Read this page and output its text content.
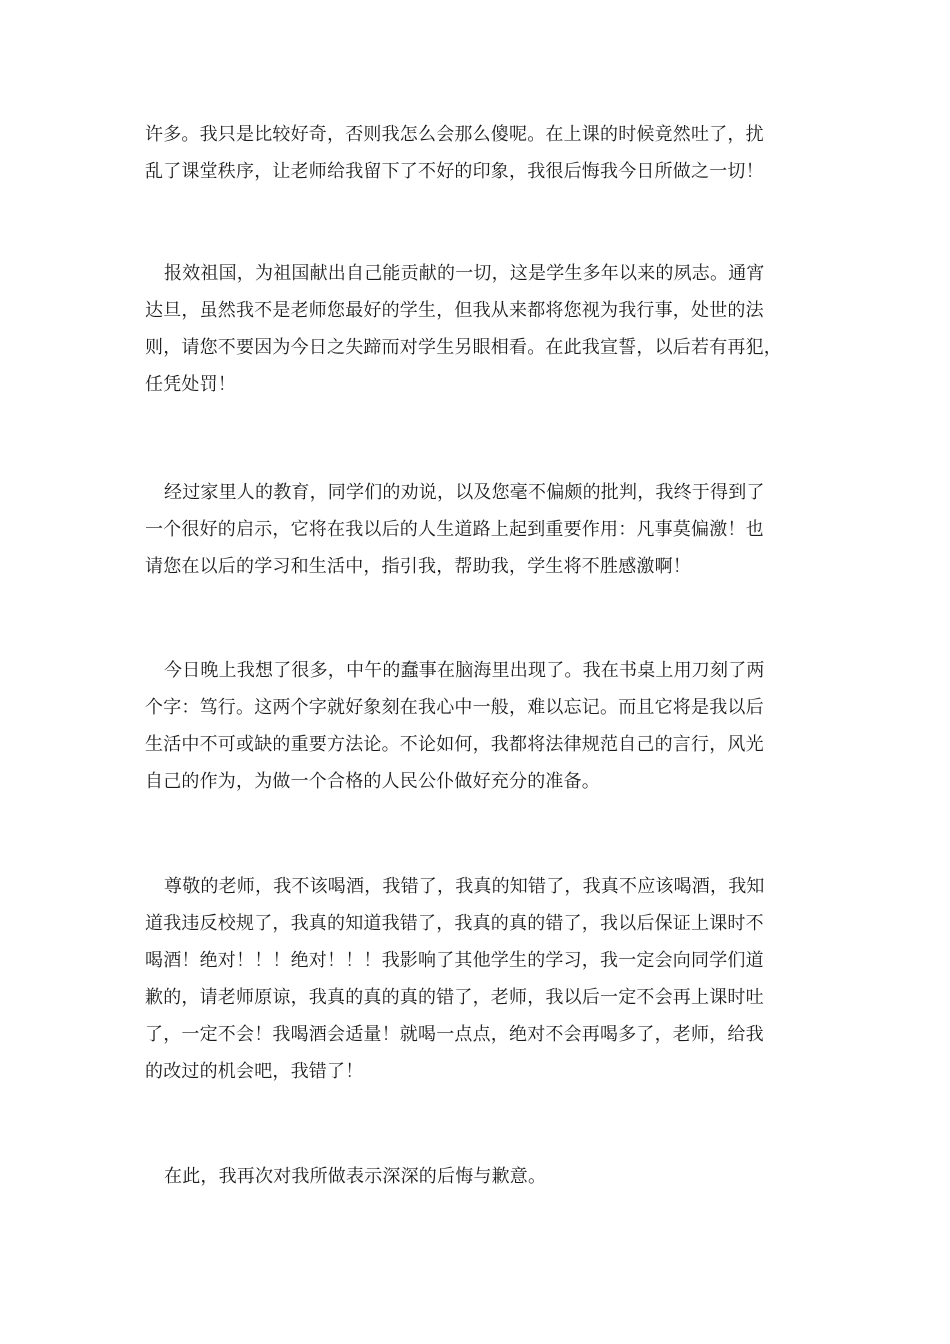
许多。我只是比较好奇，否则我怎么会那么傻呢。在上课的时候竟然吐了，扰
乱了课堂秩序，让老师给我留下了不好的印象，我很后悔我今日所做之一切！

报效祖国，为祖国献出自己能贡献的一切，这是学生多年以来的夙志。通宵
达旦，虽然我不是老师您最好的学生，但我从来都将您视为我行事，处世的法
则，请您不要因为今日之失蹄而对学生另眼相看。在此我宣誓，以后若有再犯，
任凭处罚！

经过家里人的教育，同学们的劝说，以及您毫不偏颇的批判，我终于得到了
一个很好的启示，它将在我以后的人生道路上起到重要作用：凡事莫偏激！也
请您在以后的学习和生活中，指引我，帮助我，学生将不胜感激啊！

今日晚上我想了很多，中午的蠢事在脑海里出现了。我在书桌上用刀刻了两
个字：笃行。这两个字就好象刻在我心中一般，难以忘记。而且它将是我以后
生活中不可或缺的重要方法论。不论如何，我都将法律规范自己的言行，风光
自己的作为，为做一个合格的人民公仆做好充分的准备。

尊敬的老师，我不该喝酒，我错了，我真的知错了，我真不应该喝酒，我知
道我违反校规了，我真的知道我错了，我真的真的错了，我以后保证上课时不
喝酒！绝对！！！绝对！！！我影响了其他学生的学习，我一定会向同学们道
歉的，请老师原谅，我真的真的真的错了，老师，我以后一定不会再上课时吐
了，一定不会！我喝酒会适量！就喝一点点，绝对不会再喝多了，老师，给我
的改过的机会吧，我错了！

在此，我再次对我所做表示深深的后悔与歉意。
